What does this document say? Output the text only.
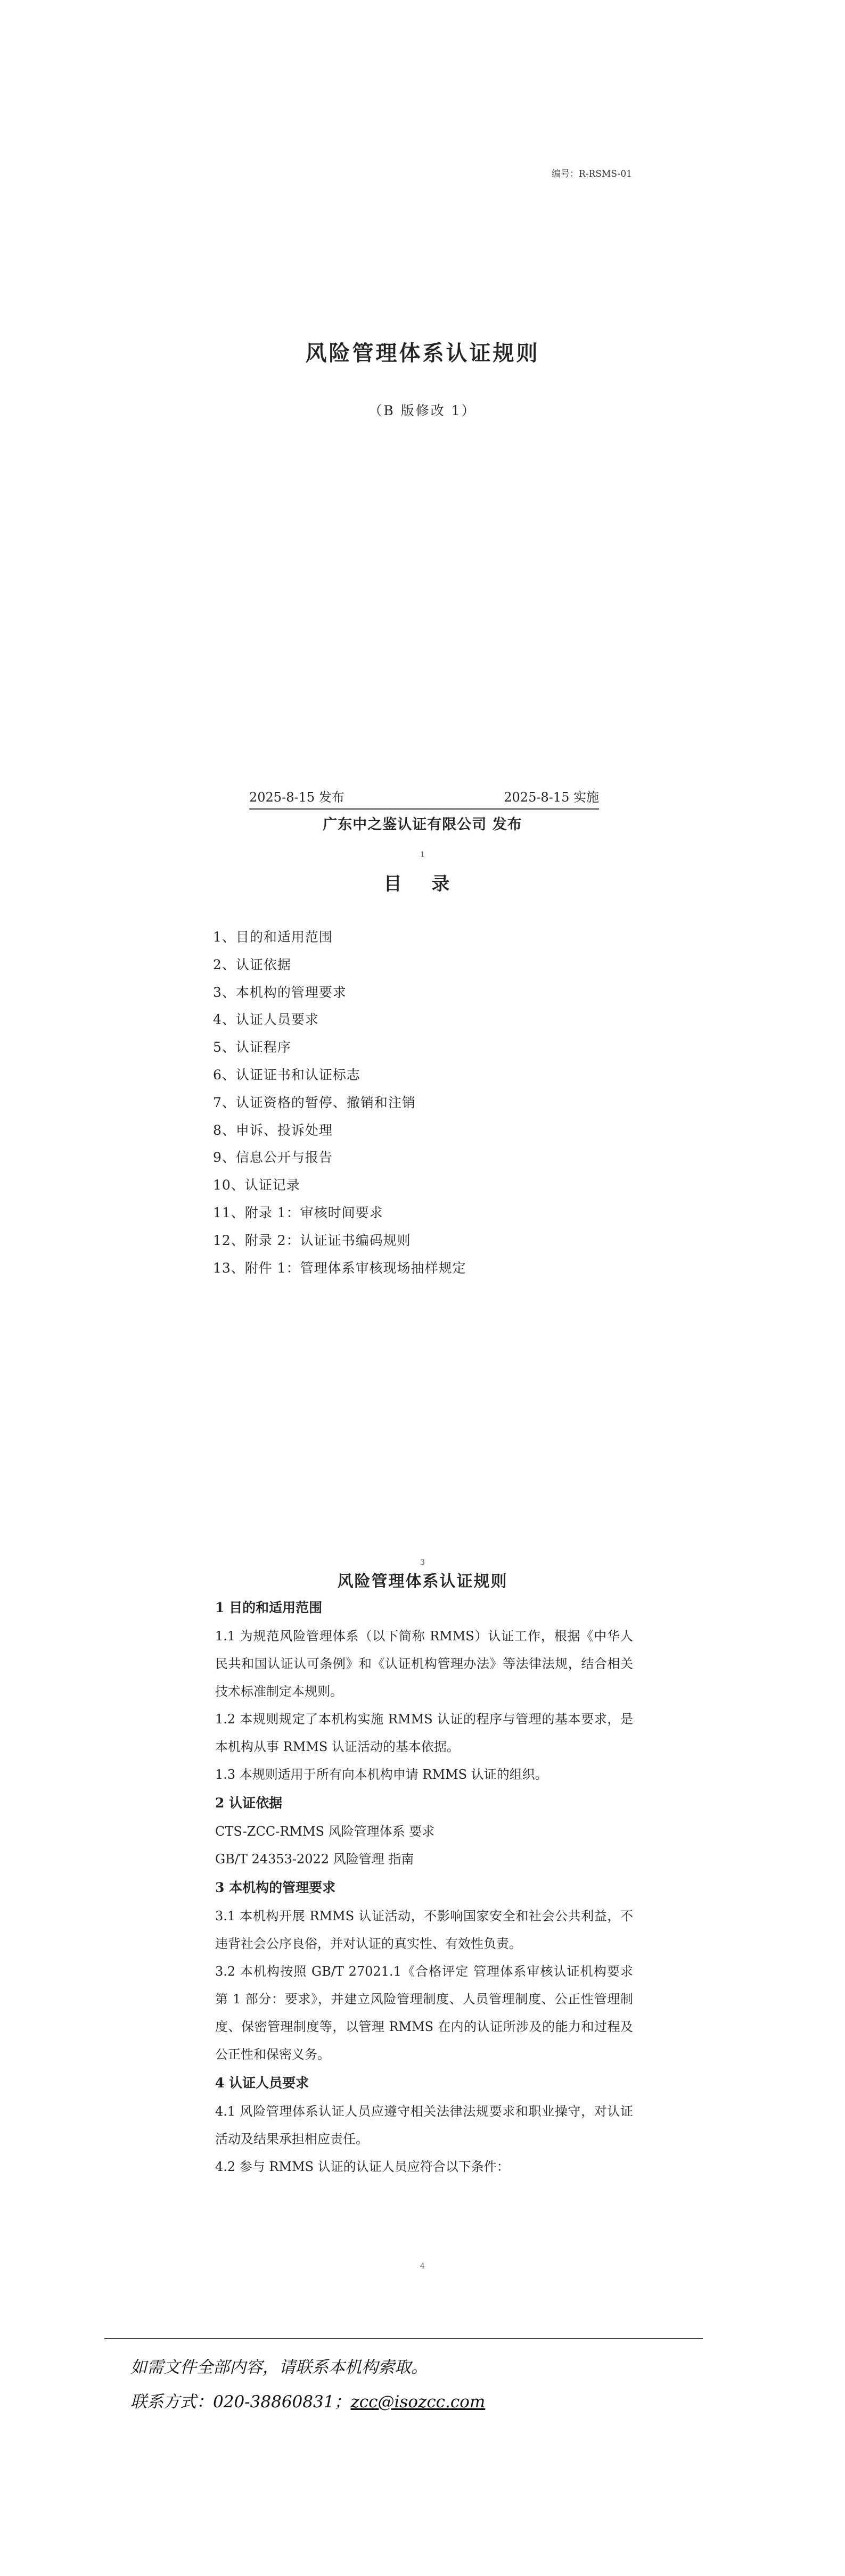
编号：R-RSMS-01
风险管理体系认证规则
（B 版修改 1）
2025-8-15 发布	2025-8-15 实施
广东中之鉴认证有限公司 发布
1
目 录
1、目的和适用范围
2、认证依据
3、本机构的管理要求
4、认证人员要求
5、认证程序
6、认证证书和认证标志
7、认证资格的暂停、撤销和注销
8、申诉、投诉处理
9、信息公开与报告
10、认证记录
11、附录 1：审核时间要求
12、附录 2：认证证书编码规则
13、附件 1：管理体系审核现场抽样规定
3
风险管理体系认证规则
1 目的和适用范围

1.1 为规范风险管理体系（以下简称 RMMS）认证工作，根据《中华人民共和国认证认可条例》和《认证机构管理办法》等法律法规，结合相关技术标准制定本规则。

1.2 本规则规定了本机构实施 RMMS 认证的程序与管理的基本要求，是本机构从事 RMMS 认证活动的基本依据。

1.3 本规则适用于所有向本机构申请 RMMS 认证的组织。

2 认证依据

CTS-ZCC-RMMS 风险管理体系 要求

GB/T 24353-2022 风险管理 指南

3 本机构的管理要求

3.1 本机构开展 RMMS 认证活动，不影响国家安全和社会公共利益，不违背社会公序良俗，并对认证的真实性、有效性负责。

3.2 本机构按照 GB/T 27021.1《合格评定 管理体系审核认证机构要求 第 1 部分：要求》，并建立风险管理制度、人员管理制度、公正性管理制度、保密管理制度等，以管理 RMMS 在内的认证所涉及的能力和过程及公正性和保密义务。

4 认证人员要求

4.1 风险管理体系认证人员应遵守相关法律法规要求和职业操守，对认证活动及结果承担相应责任。

4.2 参与 RMMS 认证的认证人员应符合以下条件：

4
如需文件全部内容，请联系本机构索取。
联系方式：020-38860831；zcc@isozcc.com
